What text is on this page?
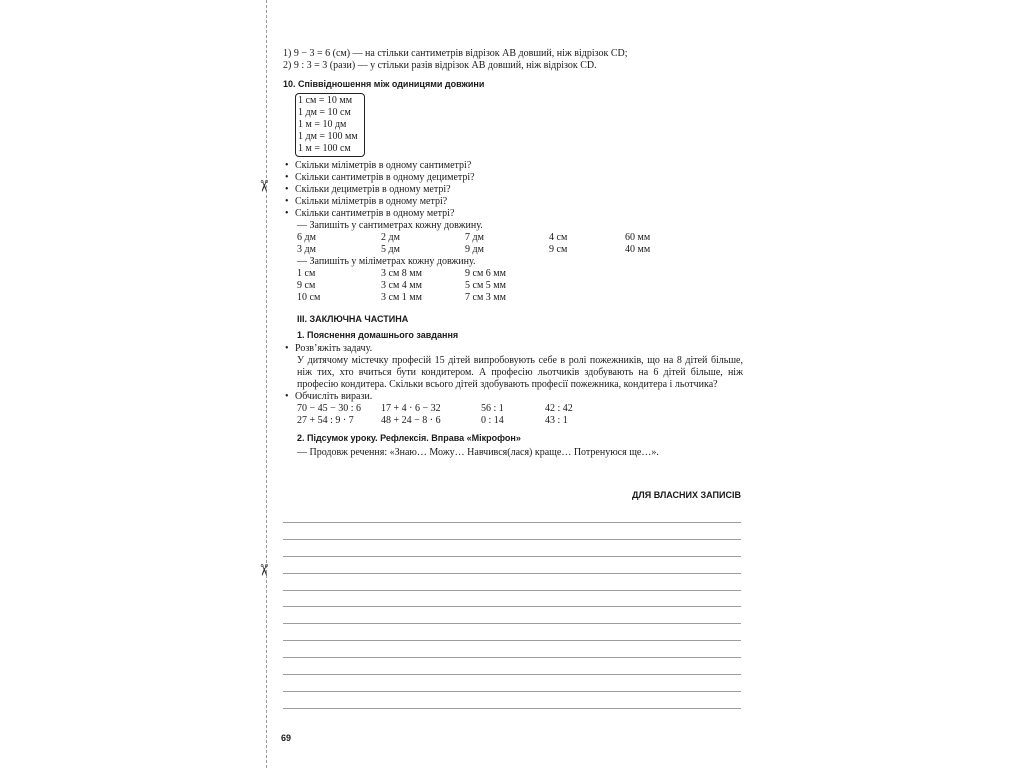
✂
✂
1) 9 − 3 = 6 (см) — на стільки сантиметрів відрізок AB довший, ніж відрізок CD;
2) 9 : 3 = 3 (рази) — у стільки разів відрізок AB довший, ніж відрізок CD.
10. Співвідношення між одиницями довжини
1 см = 10 мм
1 дм = 10 см
1 м = 10 дм
1 дм = 100 мм
1 м = 100 см
• Скільки міліметрів в одному сантиметрі?
• Скільки сантиметрів в одному дециметрі?
• Скільки дециметрів в одному метрі?
• Скільки міліметрів в одному метрі?
• Скільки сантиметрів в одному метрі?
— Запишіть у сантиметрах кожну довжину.
6 дм	2 дм	7 дм	4 см	60 мм
3 дм	5 дм	9 дм	9 см	40 мм
— Запишіть у міліметрах кожну довжину.
1 см	3 см 8 мм	9 см 6 мм
9 см	3 см 4 мм	5 см 5 мм
10 см	3 см 1 мм	7 см 3 мм
ІІІ. ЗАКЛЮЧНА ЧАСТИНА
1. Пояснення домашнього завдання
• Розв’яжіть задачу.
У дитячому містечку професій 15 дітей випробовують себе в ролі пожежників, що на 8 дітей більше, ніж тих, хто вчиться бути кондитером. А професію льотчиків здобувають на 6 дітей більше, ніж професію кондитера. Скільки всього дітей здобувають професії пожежника, кондитера і льотчика?
• Обчисліть вирази.
70 − 45 − 30 : 6	17 + 4 · 6 − 32	56 : 1	42 : 42
27 + 54 : 9 · 7	48 + 24 − 8 · 6	0 : 14	43 : 1
2. Підсумок уроку. Рефлексія. Вправа «Мікрофон»
— Продовж речення: «Знаю… Можу… Навчився(лася) краще… Потренуюся ще…».
ДЛЯ ВЛАСНИХ ЗАПИСІВ
69
